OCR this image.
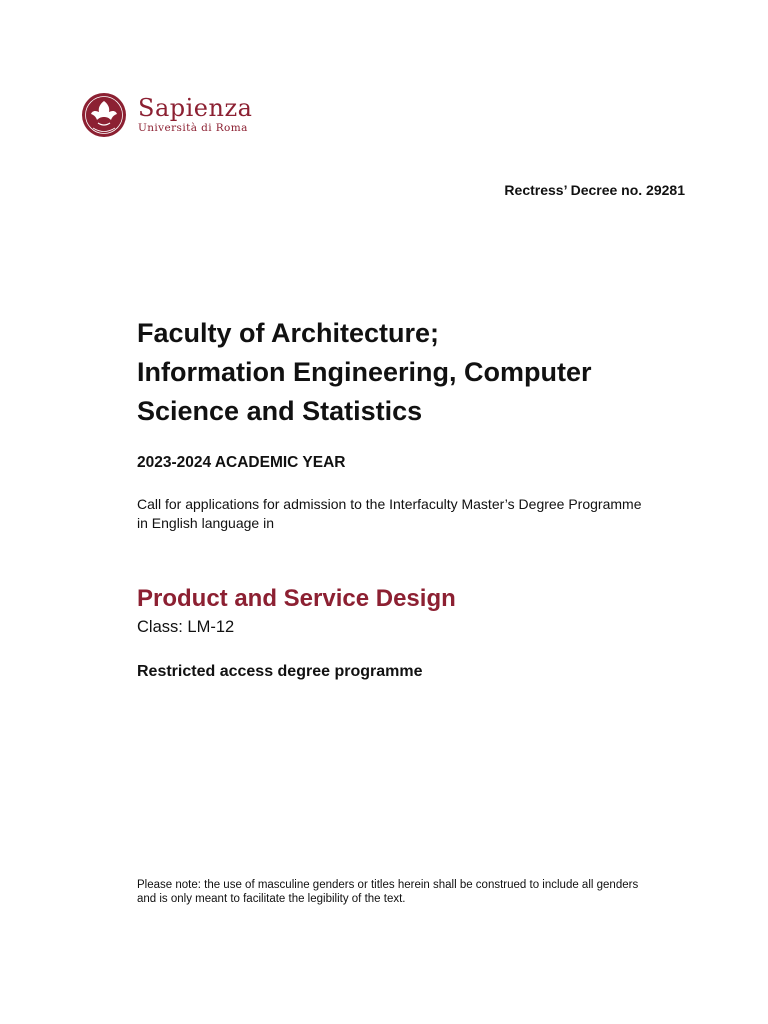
Sapienza
Università di Roma
Rectress’ Decree no. 29281
Faculty of Architecture;
Information Engineering, Computer
Science and Statistics
2023-2024 ACADEMIC YEAR

Call for applications for admission to the Interfaculty Master’s Degree Programme
in English language in

Product and Service Design

Class: LM-12

Restricted access degree programme

Please note: the use of masculine genders or titles herein shall be construed to include all genders
and is only meant to facilitate the legibility of the text.
